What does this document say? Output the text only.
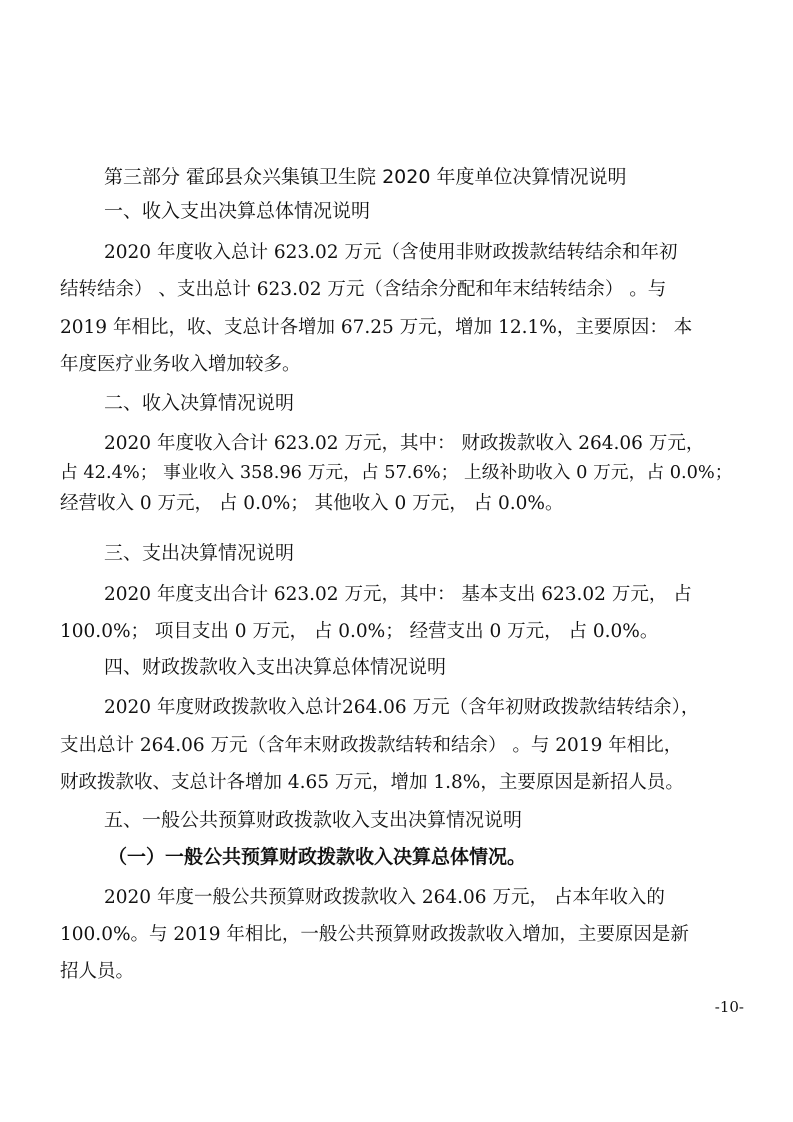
第三部分 霍邱县众兴集镇卫生院 2020 年度单位决算情况说明
一、收入支出决算总体情况说明
2020 年度收入总计 623.02 万元（含使用非财政拨款结转结余和年初
结转结余） 、支出总计 623.02 万元（含结余分配和年末结转结余） 。与
2019 年相比，收、支总计各增加 67.25 万元，增加 12.1%，主要原因： 本
年度医疗业务收入增加较多。
二、收入决算情况说明
2020 年度收入合计 623.02 万元，其中： 财政拨款收入 264.06 万元，
占 42.4%； 事业收入 358.96 万元，占 57.6%； 上级补助收入 0 万元，占 0.0%；
经营收入 0 万元， 占 0.0%； 其他收入 0 万元， 占 0.0%。
三、支出决算情况说明
2020 年度支出合计 623.02 万元，其中： 基本支出 623.02 万元， 占
100.0%； 项目支出 0 万元， 占 0.0%； 经营支出 0 万元， 占 0.0%。
四、财政拨款收入支出决算总体情况说明
2020 年度财政拨款收入总计264.06 万元（含年初财政拨款结转结余），
支出总计 264.06 万元（含年末财政拨款结转和结余） 。与 2019 年相比，
财政拨款收、支总计各增加 4.65 万元，增加 1.8%，主要原因是新招人员。
五、一般公共预算财政拨款收入支出决算情况说明
（一）一般公共预算财政拨款收入决算总体情况。
2020 年度一般公共预算财政拨款收入 264.06 万元， 占本年收入的
100.0%。与 2019 年相比，一般公共预算财政拨款收入增加，主要原因是新
招人员。
-10-
